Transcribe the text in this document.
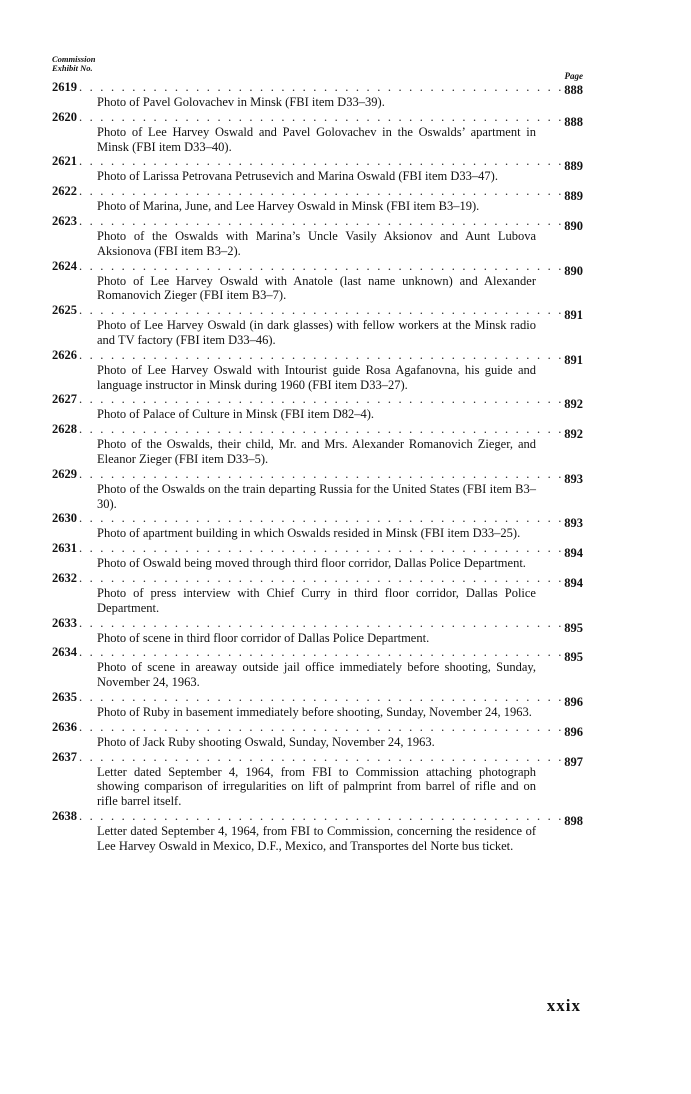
Commission
Exhibit No.
Page
2619 . . .	888
Photo of Pavel Golovachev in Minsk (FBI item D33–39).
2620 . . .	888
Photo of Lee Harvey Oswald and Pavel Golovachev in the Oswalds’ apartment in Minsk (FBI item D33–40).
2621 . . .	889
Photo of Larissa Petrovana Petrusevich and Marina Oswald (FBI item D33–47).
2622 . . .	889
Photo of Marina, June, and Lee Harvey Oswald in Minsk (FBI item B3–19).
2623 . . .	890
Photo of the Oswalds with Marina’s Uncle Vasily Aksionov and Aunt Lubova Aksionova (FBI item B3–2).
2624 . . .	890
Photo of Lee Harvey Oswald with Anatole (last name unknown) and Alexander Romanovich Zieger (FBI item B3–7).
2625 . . .	891
Photo of Lee Harvey Oswald (in dark glasses) with fellow workers at the Minsk radio and TV factory (FBI item D33–46).
2626 . . .	891
Photo of Lee Harvey Oswald with Intourist guide Rosa Agafanovna, his guide and language instructor in Minsk during 1960 (FBI item D33–27).
2627 . . .	892
Photo of Palace of Culture in Minsk (FBI item D82–4).
2628 . . .	892
Photo of the Oswalds, their child, Mr. and Mrs. Alexander Romanovich Zieger, and Eleanor Zieger (FBI item D33–5).
2629 . . .	893
Photo of the Oswalds on the train departing Russia for the United States (FBI item B3–30).
2630 . . .	893
Photo of apartment building in which Oswalds resided in Minsk (FBI item D33–25).
2631 . . .	894
Photo of Oswald being moved through third floor corridor, Dallas Police Department.
2632 . . .	894
Photo of press interview with Chief Curry in third floor corridor, Dallas Police Department.
2633 . . .	895
Photo of scene in third floor corridor of Dallas Police Department.
2634 . . .	895
Photo of scene in areaway outside jail office immediately before shooting, Sunday, November 24, 1963.
2635 . . .	896
Photo of Ruby in basement immediately before shooting, Sunday, November 24, 1963.
2636 . . .	896
Photo of Jack Ruby shooting Oswald, Sunday, November 24, 1963.
2637 . . .	897
Letter dated September 4, 1964, from FBI to Commission attaching photograph showing comparison of irregularities on lift of palmprint from barrel of rifle and on rifle barrel itself.
2638 . . .	898
Letter dated September 4, 1964, from FBI to Commission, concerning the residence of Lee Harvey Oswald in Mexico, D.F., Mexico, and Transportes del Norte bus ticket.
xxix
